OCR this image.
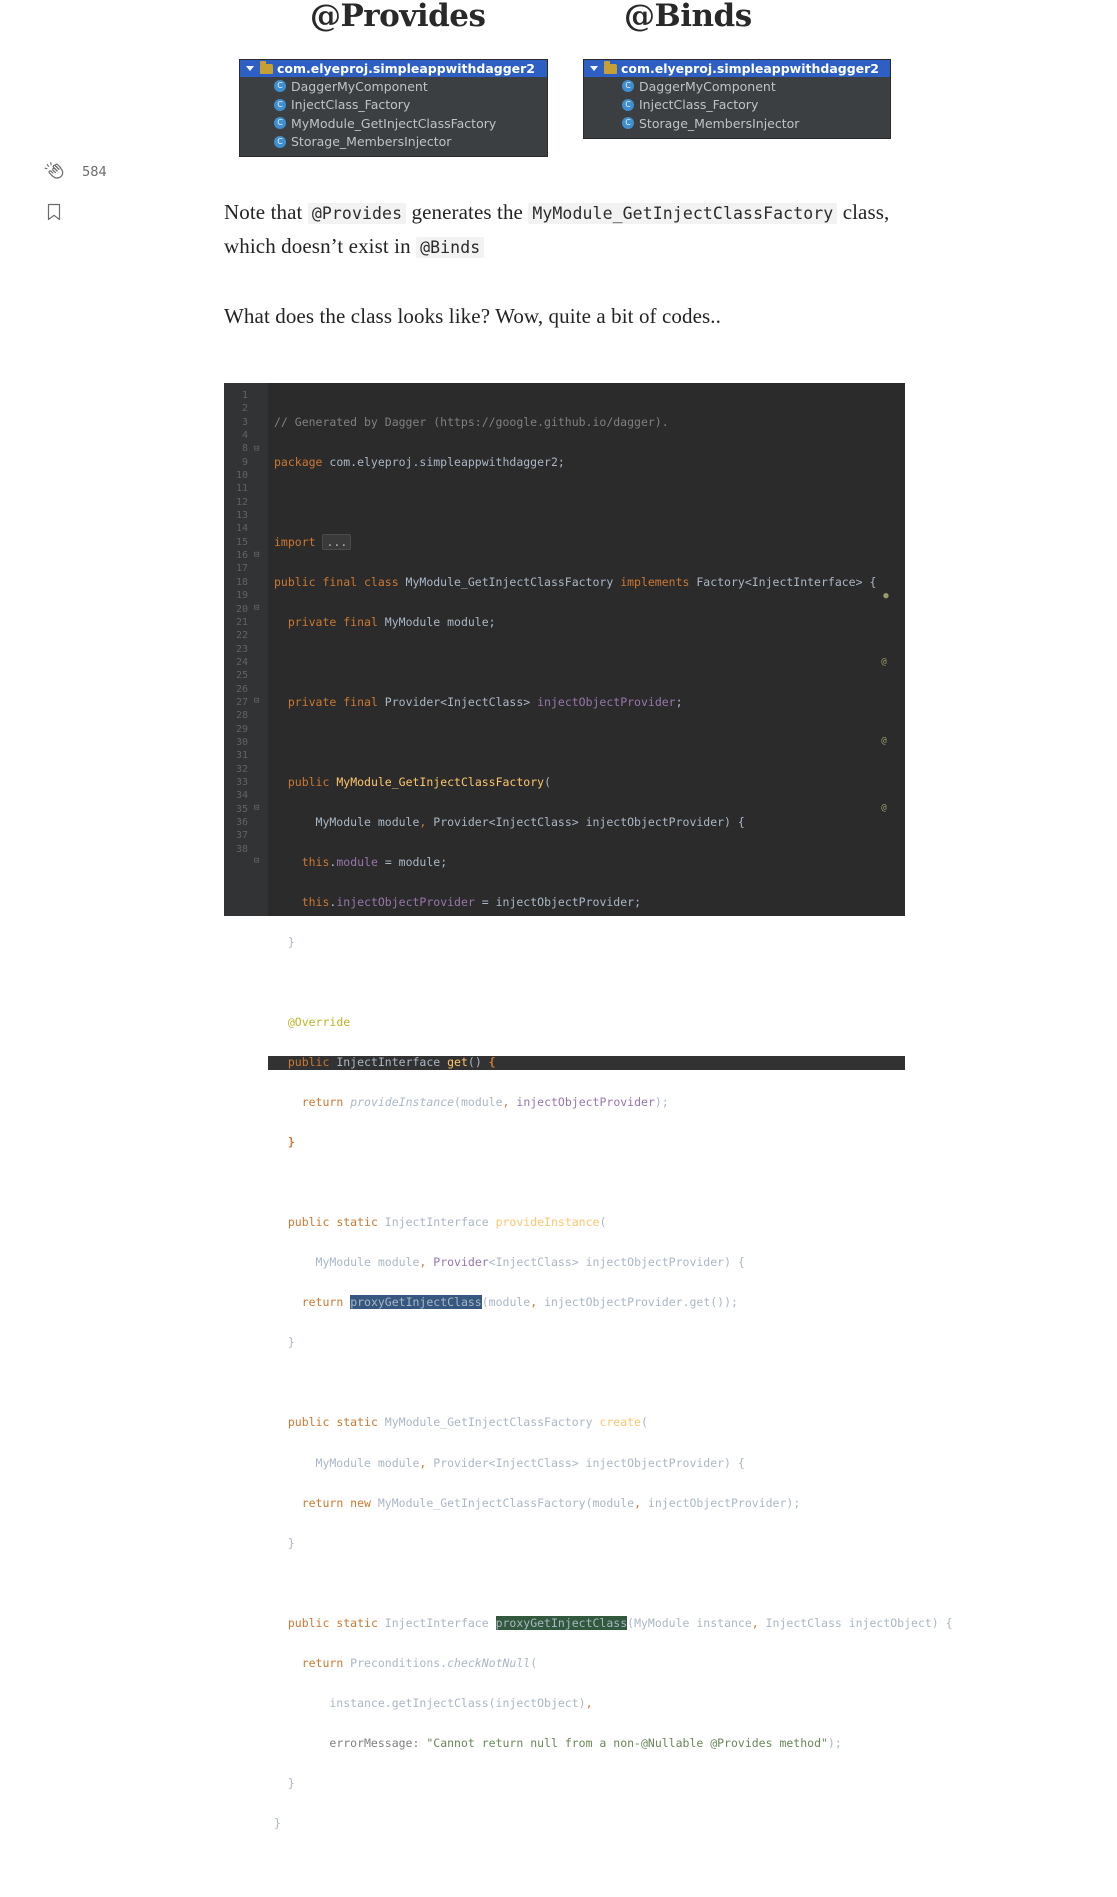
@Provides	@Binds
com.elyeproj.simpleappwithdagger2
C DaggerMyComponent
C InjectClass_Factory
C MyModule_GetInjectClassFactory
C Storage_MembersInjector
com.elyeproj.simpleappwithdagger2
C DaggerMyComponent
C InjectClass_Factory
C Storage_MembersInjector
584

Note that @Provides generates the MyModule_GetInjectClassFactory class, which doesn’t exist in @Binds

What does the class looks like? Wow, quite a bit of codes..

1
2
3
4
8
9
10
11
12
13
14
15
16
17
18
19
20
21
22
23
24
25
26
27
28
29
30
31
32
33
34
35
36
37
38

// Generated by Dagger (https://google.github.io/dagger).

package com.elyeproj.simpleappwithdagger2;

import ...

public final class MyModule_GetInjectClassFactory implements Factory<InjectInterface> {

private final MyModule module;

private final Provider<InjectClass> injectObjectProvider;

public MyModule_GetInjectClassFactory(

MyModule module, Provider<InjectClass> injectObjectProvider) {

this.module = module;

this.injectObjectProvider = injectObjectProvider;

}

@Override

public InjectInterface get() {

return provideInstance(module, injectObjectProvider);

}

public static InjectInterface provideInstance(

MyModule module, Provider<InjectClass> injectObjectProvider) {

return proxyGetInjectClass(module, injectObjectProvider.get());

}

public static MyModule_GetInjectClassFactory create(

MyModule module, Provider<InjectClass> injectObjectProvider) {

return new MyModule_GetInjectClassFactory(module, injectObjectProvider);

}

public static InjectInterface proxyGetInjectClass(MyModule instance, InjectClass injectObject) {

return Preconditions.checkNotNull(

instance.getInjectClass(injectObject),

errorMessage: "Cannot return null from a non-@Nullable @Provides method");

}

}

⊟
⊟
⊟
⊟
⊟
⊟
●
@
@
@
